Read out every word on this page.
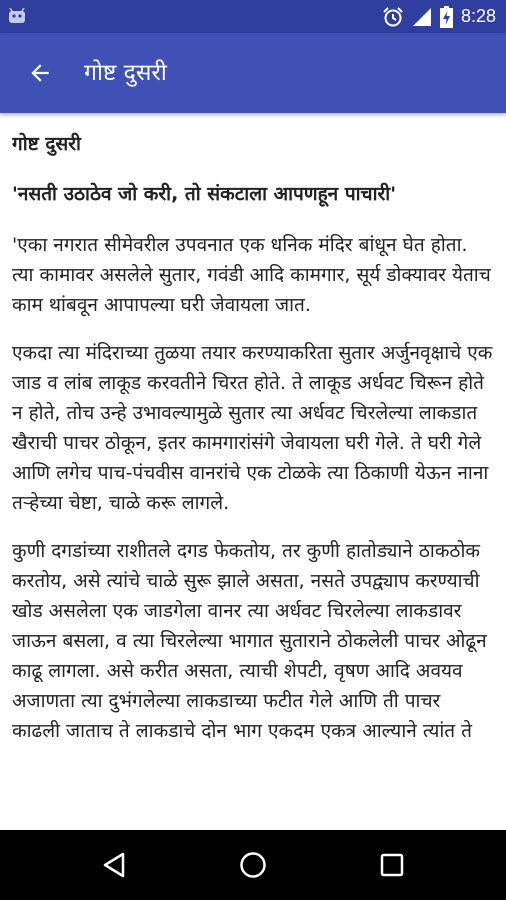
8:28
गोष्ट दुसरी
गोष्ट दुसरी
'नसती उठाठेव जो करी, तो संकटाला आपणहून पाचारी'

'एका नगरात सीमेवरील उपवनात एक धनिक मंदिर बांधून घेत होता. त्या कामावर असलेले सुतार, गवंडी आदि कामगार, सूर्य डोक्यावर येताच काम थांबवून आपापल्या घरी जेवायला जात.

एकदा त्या मंदिराच्या तुळया तयार करण्याकरिता सुतार अर्जुनवृक्षाचे एक जाड व लांब लाकूड करवतीने चिरत होते. ते लाकूड अर्धवट चिरून होते न होते, तोच उन्हे उभावल्यामुळे सुतार त्या अर्धवट चिरलेल्या लाकडात खैराची पाचर ठोकून, इतर कामगारांसंगे जेवायला घरी गेले. ते घरी गेले आणि लगेच पाच-पंचवीस वानरांचे एक टोळके त्या ठिकाणी येऊन नाना तऱ्हेच्या चेष्टा, चाळे करू लागले.

कुणी दगडांच्या राशीतले दगड फेकतोय, तर कुणी हातोड्याने ठाकठोक करतोय, असे त्यांचे चाळे सुरू झाले असता, नसते उपद्व्याप करण्याची खोड असलेला एक जाडगेला वानर त्या अर्धवट चिरलेल्या लाकडावर जाऊन बसला, व त्या चिरलेल्या भागात सुताराने ठोकलेली पाचर ओढून काढू लागला. असे करीत असता, त्याची शेपटी, वृषण आदि अवयव अजाणता त्या दुभंगलेल्या लाकडाच्या फटीत गेले आणि ती पाचर काढली जाताच ते लाकडाचे दोन भाग एकदम एकत्र आल्याने त्यांत ते
